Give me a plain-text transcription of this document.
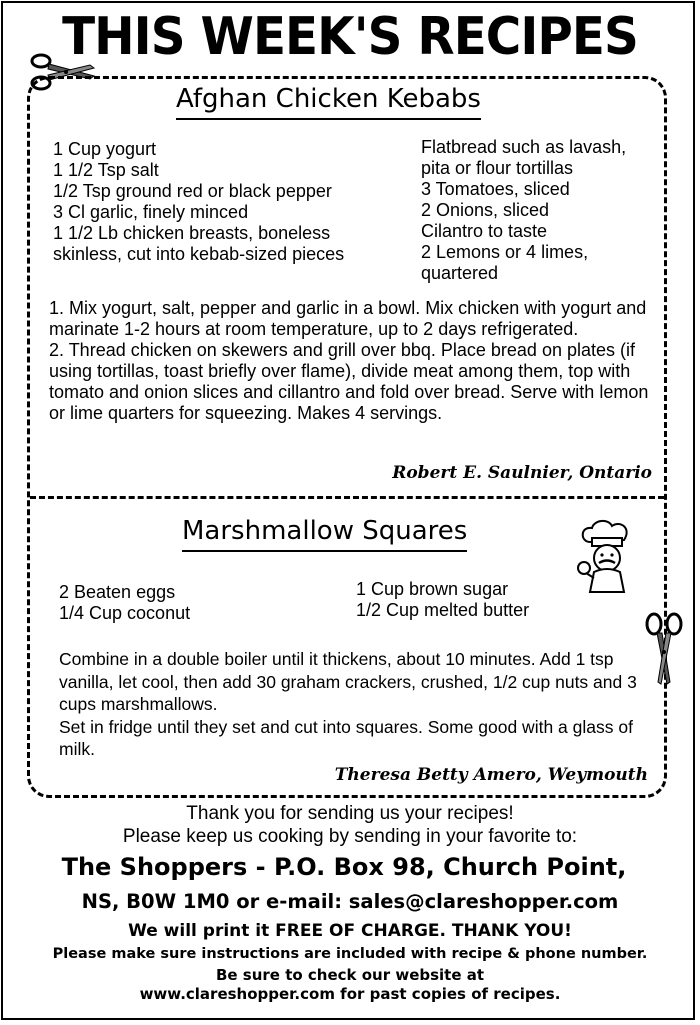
THIS WEEK'S RECIPES
Afghan Chicken Kebabs
1 Cup yogurt
1 1/2 Tsp salt
1/2 Tsp ground red or black pepper
3 Cl garlic, finely minced
1 1/2 Lb chicken breasts, boneless
skinless, cut into kebab-sized pieces
Flatbread such as lavash,
pita or flour tortillas
3 Tomatoes, sliced
2 Onions, sliced
Cilantro to taste
2 Lemons or 4 limes,
quartered
1. Mix yogurt, salt, pepper and garlic in a bowl. Mix chicken with yogurt and marinate 1-2 hours at room temperature, up to 2 days refrigerated.
2. Thread chicken on skewers and grill over bbq. Place bread on plates (if using tortillas, toast briefly over flame), divide meat among them, top with tomato and onion slices and cillantro and fold over bread. Serve with lemon or lime quarters for squeezing. Makes 4 servings.
Robert E. Saulnier, Ontario
Marshmallow Squares
2 Beaten eggs
1/4 Cup coconut
1 Cup brown sugar
1/2 Cup melted butter
Combine in a double boiler until it thickens, about 10 minutes. Add 1 tsp vanilla, let cool, then add 30 graham crackers, crushed, 1/2 cup nuts and 3 cups marshmallows.
Set in fridge until they set and cut into squares. Some good with a glass of milk.
Theresa Betty Amero, Weymouth
Thank you for sending us your recipes!
Please keep us cooking by sending in your favorite to:
The Shoppers - P.O. Box 98, Church Point,
NS, B0W 1M0 or e-mail: sales@clareshopper.com
We will print it FREE OF CHARGE. THANK YOU!
Please make sure instructions are included with recipe & phone number.
Be sure to check our website at
www.clareshopper.com for past copies of recipes.
